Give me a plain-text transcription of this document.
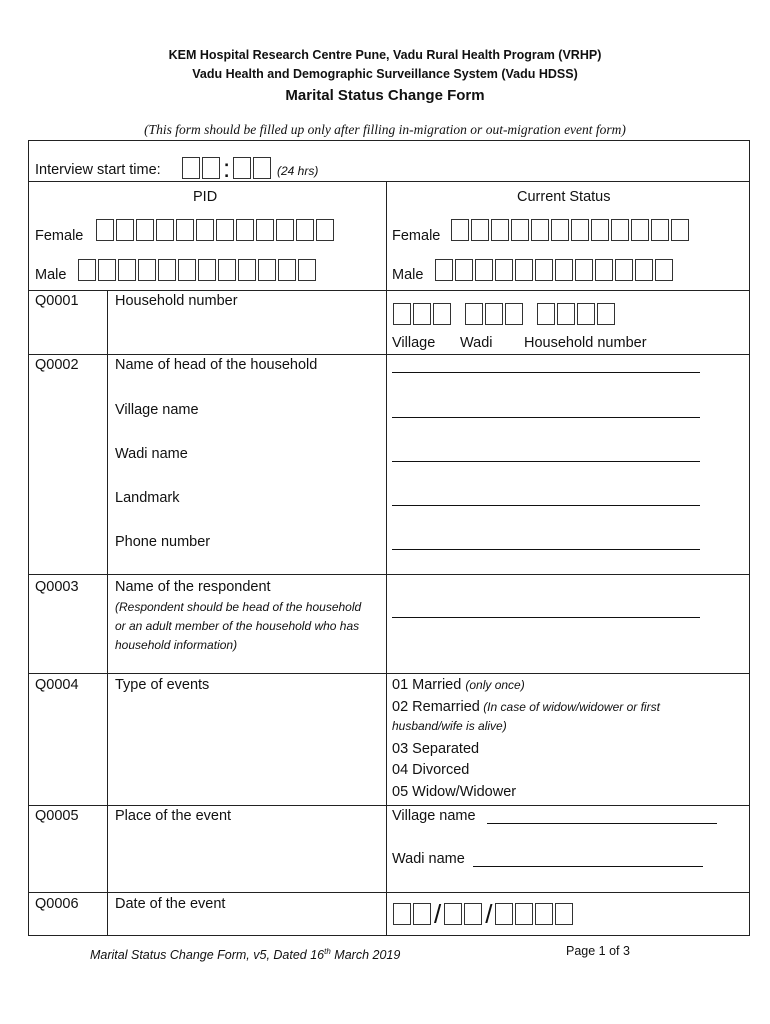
KEM Hospital Research Centre Pune, Vadu Rural Health Program (VRHP)
Vadu Health and Demographic Surveillance System (Vadu HDSS)
Marital Status Change Form
(This form should be filled up only after filling in-migration or out-migration event form)
Interview start time: :	(24 hrs)
PID	Current Status
Female	Female
Male	Male
Q0001	Household number
Village Wadi Household number
Q0002	Name of head of the household
Village name
Wadi name
Landmark
Phone number
Q0003	Name of the respondent
(Respondent should be head of the household or an adult member of the household who has household information)
Q0004	Type of events	01 Married (only once)
02 Remarried (In case of widow/widower or first husband/wife is alive)
03 Separated
04 Divorced
05 Widow/Widower
Q0005	Place of the event	Village name
Wadi name
Q0006	Date of the event	/ /
Marital Status Change Form, v5, Dated 16th March 2019	Page 1 of 3
